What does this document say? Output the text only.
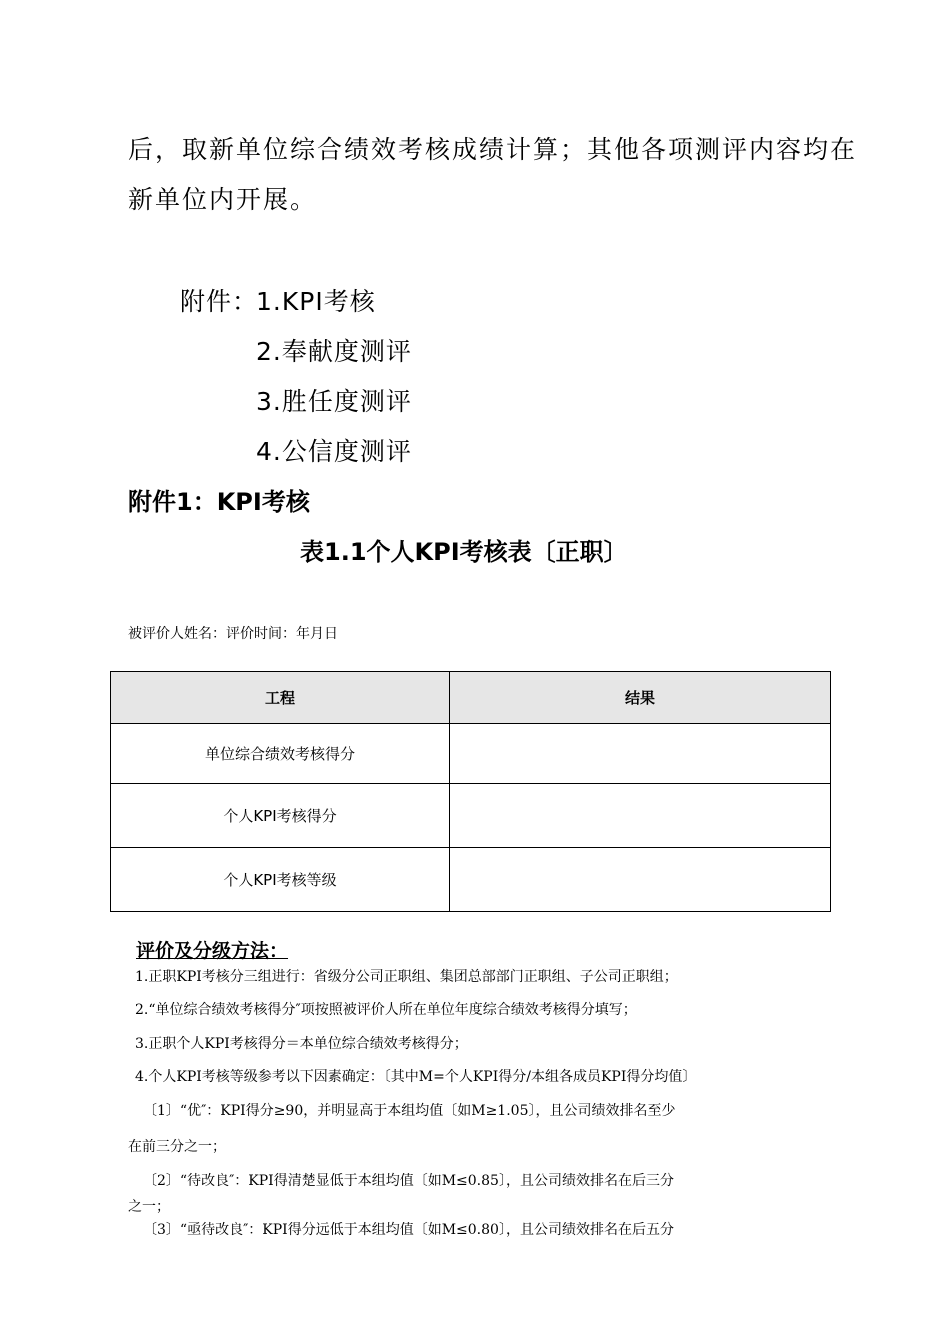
后，取新单位综合绩效考核成绩计算；其他各项测评内容均在
新单位内开展。
附件：
1.KPI考核
2.奉献度测评
3.胜任度测评
4.公信度测评
附件1：KPI考核
表1.1个人KPI考核表〔正职〕
被评价人姓名：评价时间：年月日
工程	结果
单位综合绩效考核得分	
个人KPI考核得分	
个人KPI考核等级	
评价及分级方法：
1.正职KPI考核分三组进行：省级分公司正职组、集团总部部门正职组、子公司正职组；
2.“单位综合绩效考核得分″项按照被评价人所在单位年度综合绩效考核得分填写；
3.正职个人KPI考核得分＝本单位综合绩效考核得分；
4.个人KPI考核等级参考以下因素确定：〔其中M=个人KPI得分/本组各成员KPI得分均值〕
〔1〕“优″：KPI得分≥90，并明显高于本组均值〔如M≥1.05〕，且公司绩效排名至少
在前三分之一；
〔2〕“待改良″：KPI得清楚显低于本组均值〔如M≤0.85〕，且公司绩效排名在后三分
之一；
〔3〕“亟待改良″：KPI得分远低于本组均值〔如M≤0.80〕，且公司绩效排名在后五分
